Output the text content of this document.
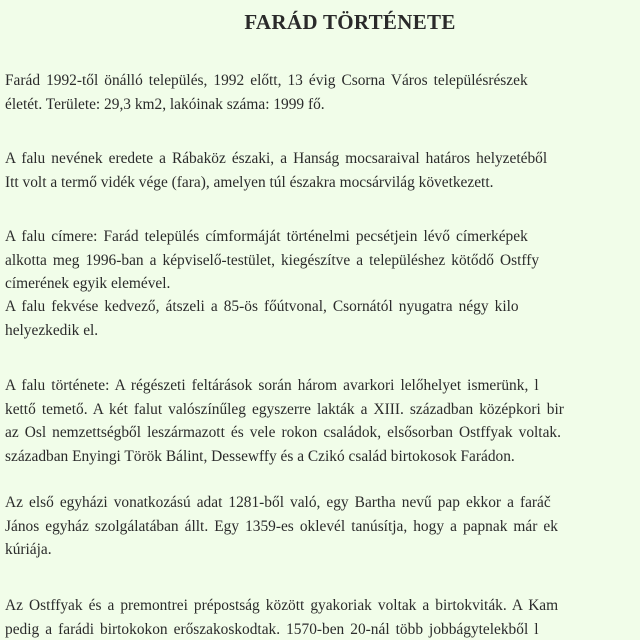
FARÁD TÖRTÉNETE
Farád 1992-től önálló település, 1992 előtt, 13 évig Csorna Város településrészek
életét. Területe: 29,3 km2, lakóinak száma: 1999 fő.
A falu nevének eredete a Rábaköz északi, a Hanság mocsaraival határos helyzetéből
Itt volt a termő vidék vége (fara), amelyen túl északra mocsárvilág következett.
A falu címere: Farád település címformáját történelmi pecsétjein lévő címerképek
alkotta meg 1996-ban a képviselő-testület, kiegészítve a településhez kötődő Ostffy
címerének egyik elemével.
A falu fekvése kedvező, átszeli a 85-ös főútvonal, Csornától nyugatra négy kilo
helyezkedik el.
A falu története: A régészeti feltárások során három avarkori lelőhelyet ismerünk, l
kettő temető. A két falut valószínűleg egyszerre lakták a XIII. században középkori bir
az Osl nemzettségből leszármazott és vele rokon családok, elsősorban Ostffyak voltak.
században Enyingi Török Bálint, Dessewffy és a Czikó család birtokosok Farádon.
Az első egyházi vonatkozású adat 1281-ből való, egy Bartha nevű pap ekkor a faráč
János egyház szolgálatában állt. Egy 1359-es oklevél tanúsítja, hogy a papnak már ek
kúriája.
Az Ostffyak és a premontrei prépostság között gyakoriak voltak a birtokviták. A Kam
pedig a farádi birtokokon erőszakoskodtak. 1570-ben 20-nál több jobbágytelekből l
